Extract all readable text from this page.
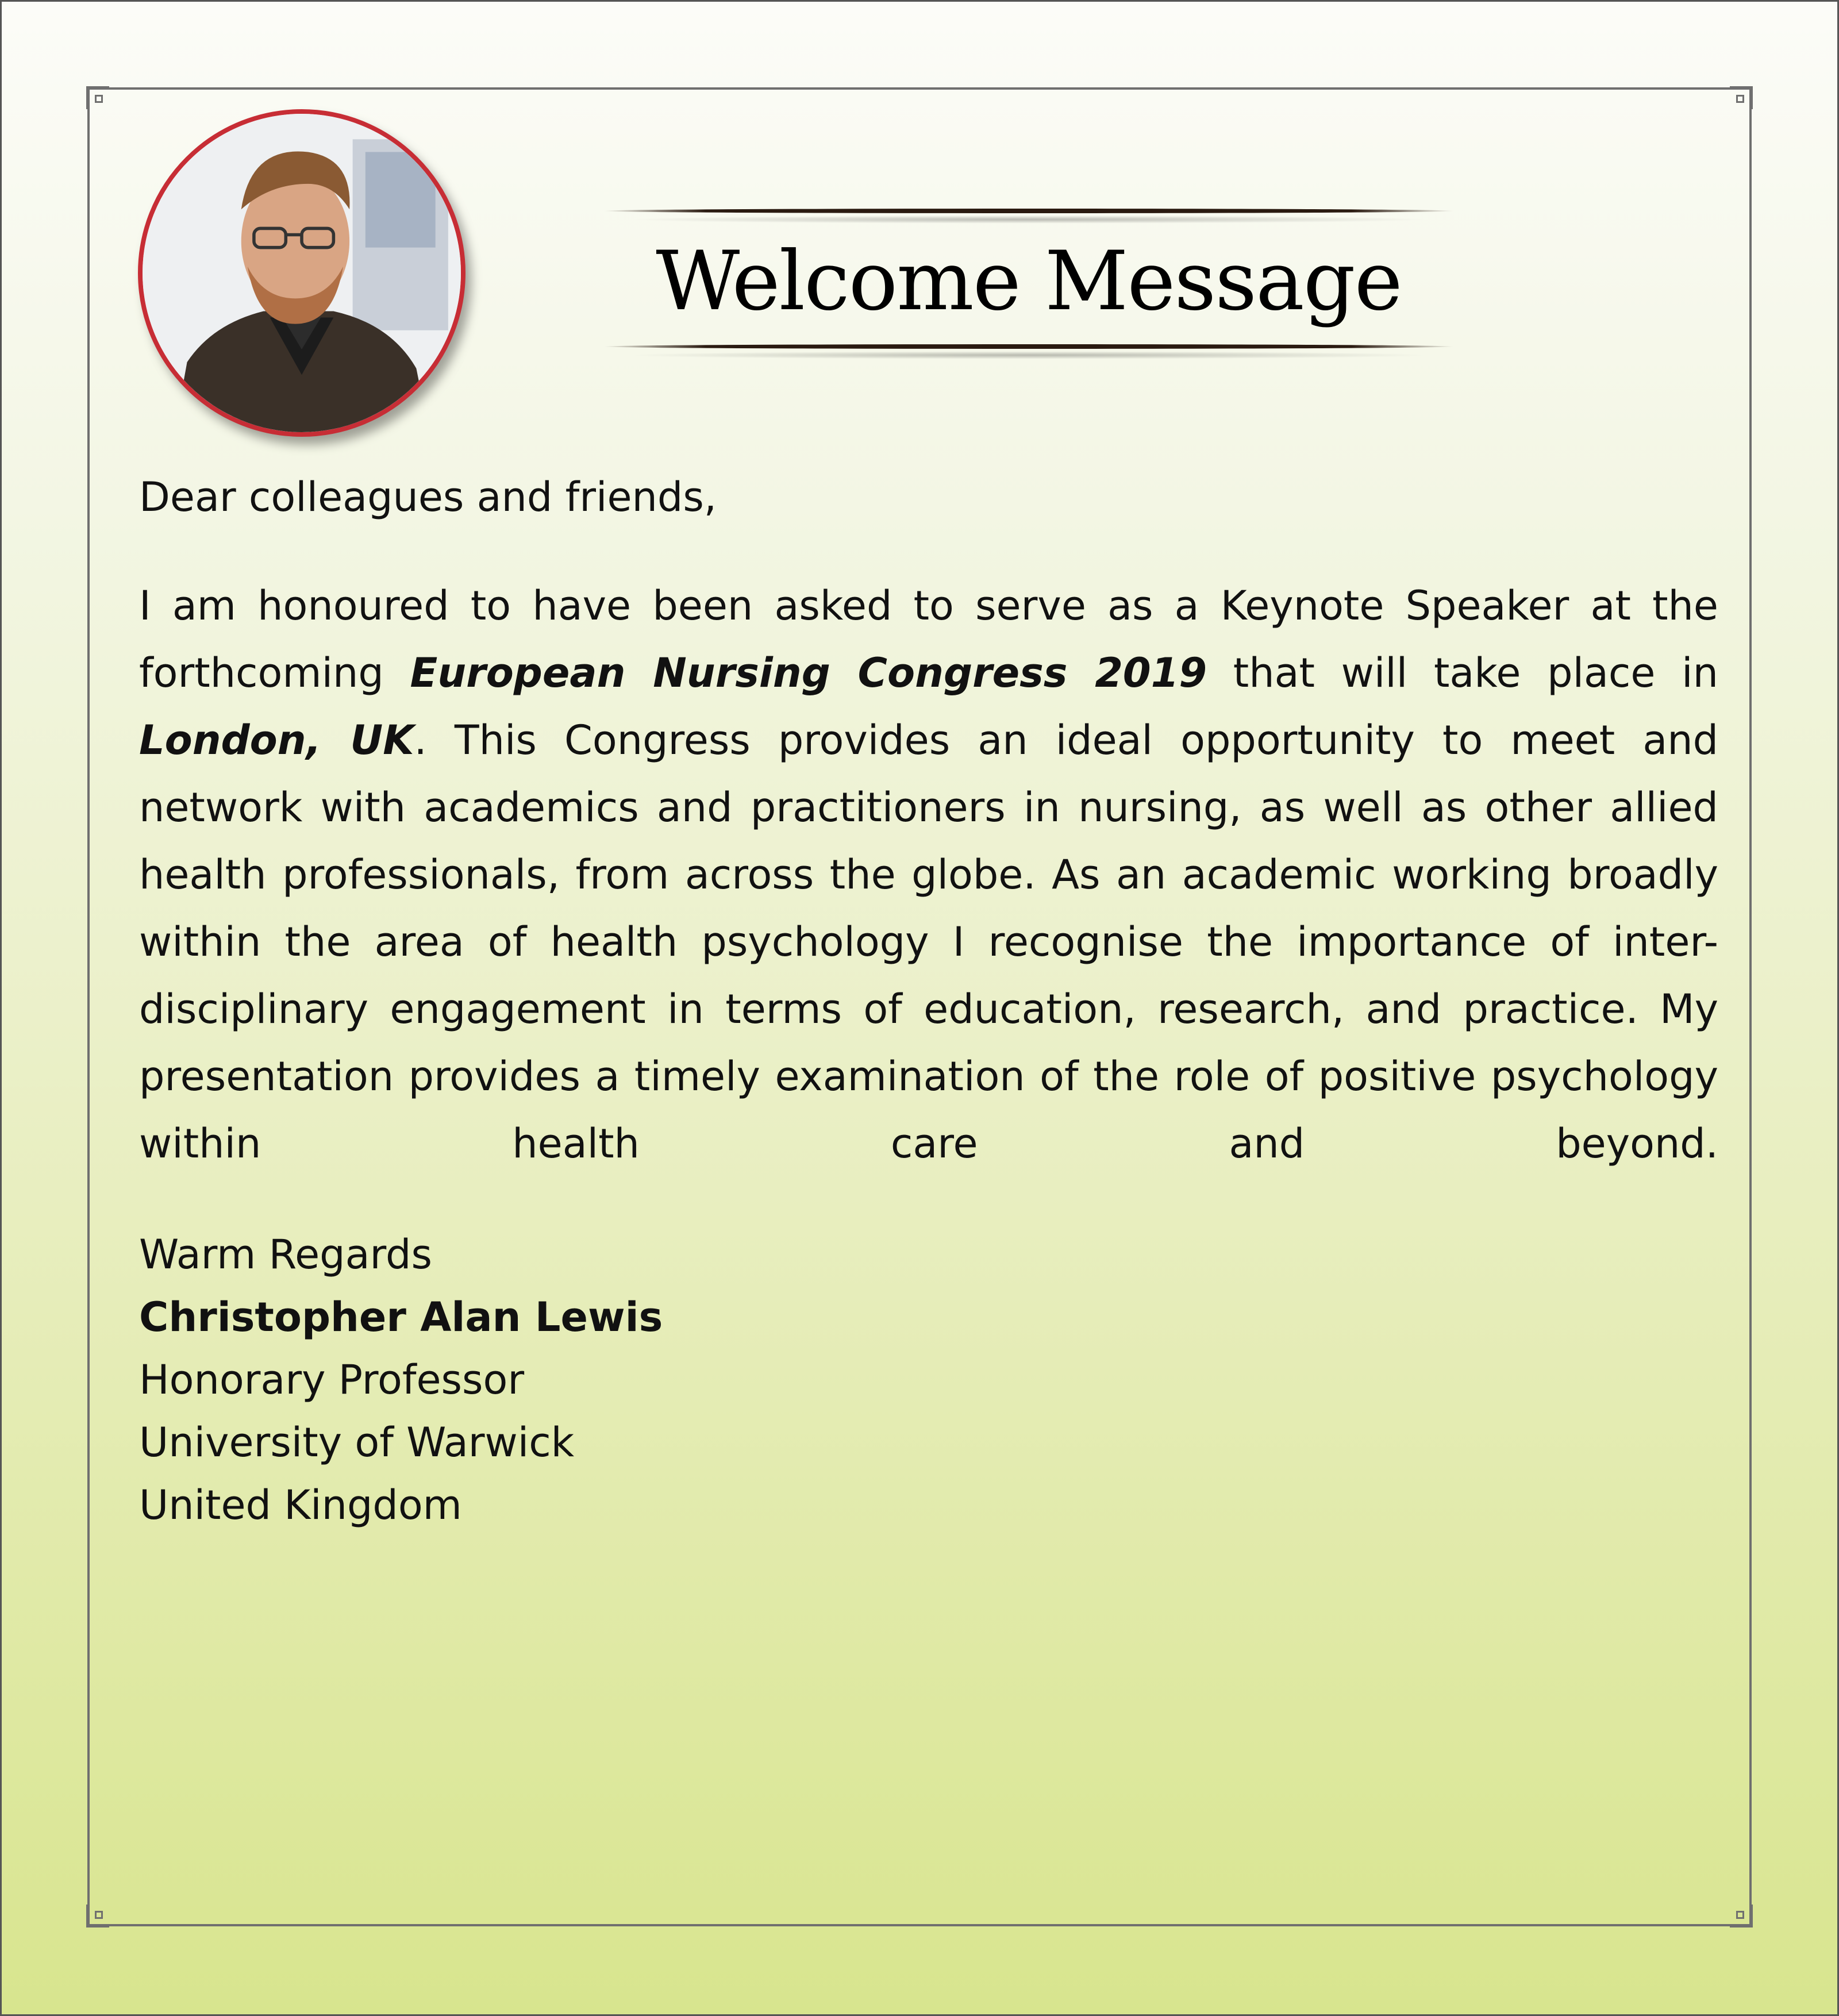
Welcome Message

Dear colleagues and friends,

I am honoured to have been asked to serve as a Keynote Speaker at the forthcoming European Nursing Congress 2019 that will take place in London, UK. This Congress provides an ideal opportunity to meet and network with academics and practitioners in nursing, as well as other allied health professionals, from across the globe. As an academic working broadly within the area of health psychology I recognise the importance of inter-disciplinary engagement in terms of education, research, and practice. My presentation provides a timely examination of the role of positive psychology within health care and beyond.

Warm Regards
Christopher Alan Lewis
Honorary Professor
University of Warwick
United Kingdom
